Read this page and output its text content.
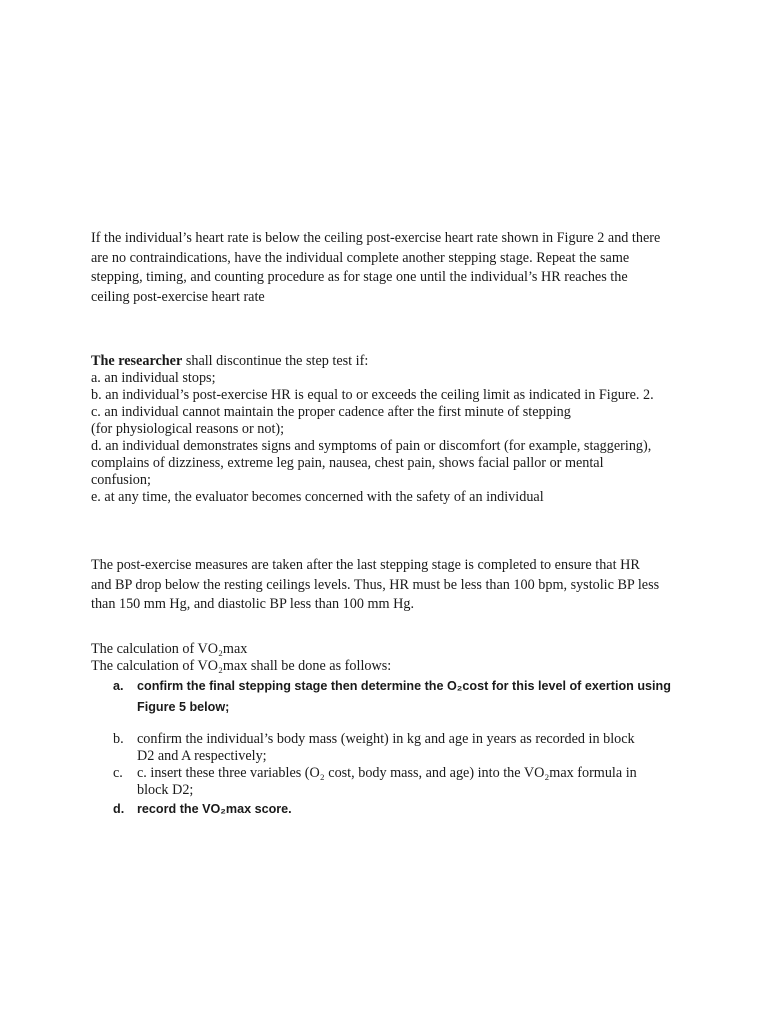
If the individual’s heart rate is below the ceiling post-exercise heart rate shown in Figure 2 and there
are no contraindications, have the individual complete another stepping stage. Repeat the same
stepping, timing, and counting procedure as for stage one until the individual’s HR reaches the
ceiling post-exercise heart rate
The researcher shall discontinue the step test if:
a. an individual stops;
b. an individual’s post-exercise HR is equal to or exceeds the ceiling limit as indicated in Figure. 2.
c. an individual cannot maintain the proper cadence after the first minute of stepping
(for physiological reasons or not);
d. an individual demonstrates signs and symptoms of pain or discomfort (for example, staggering),
complains of dizziness, extreme leg pain, nausea, chest pain, shows facial pallor or mental
confusion;
e. at any time, the evaluator becomes concerned with the safety of an individual
The post-exercise measures are taken after the last stepping stage is completed to ensure that HR
and BP drop below the resting ceilings levels. Thus, HR must be less than 100 bpm, systolic BP less
than 150 mm Hg, and diastolic BP less than 100 mm Hg.
The calculation of VO₂max
The calculation of VO₂max shall be done as follows:
a. confirm the final stepping stage then determine the O₂cost for this level of exertion using
Figure 5 below;
b. confirm the individual’s body mass (weight) in kg and age in years as recorded in block
D2 and A respectively;
c. c. insert these three variables (O₂ cost, body mass, and age) into the VO₂max formula in
block D2;
d. record the VO₂max score.
